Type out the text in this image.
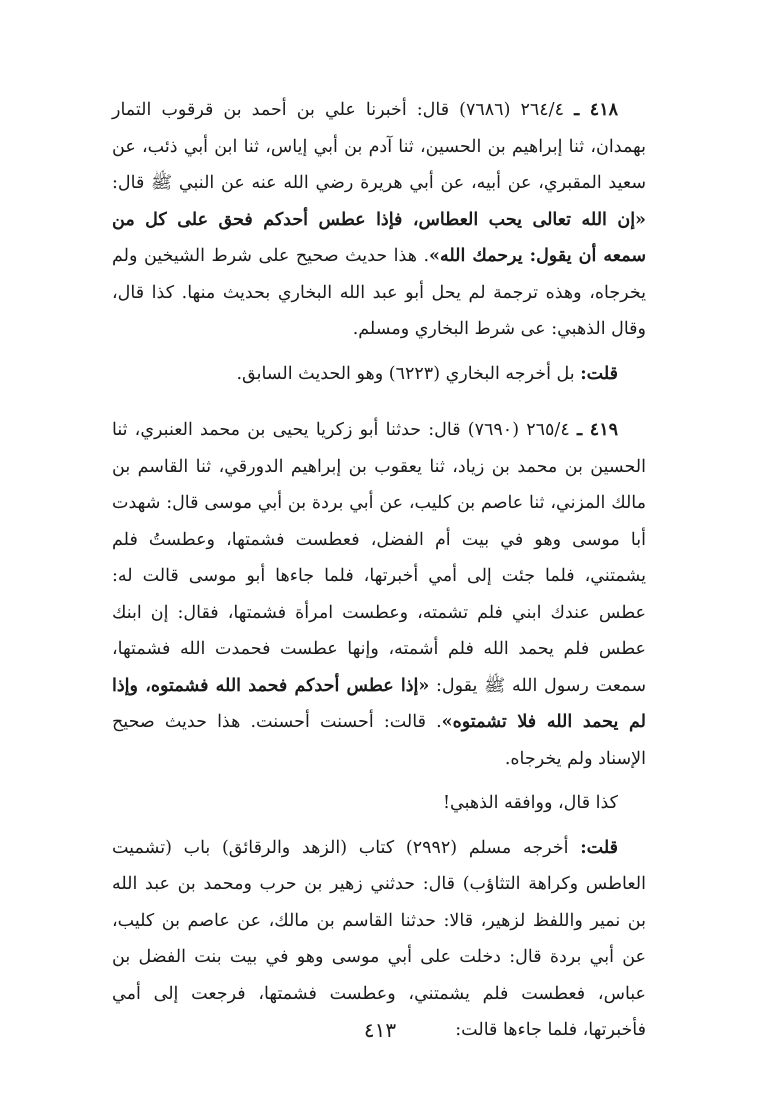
٤١٨ ـ ٢٦٤/٤ (٧٦٨٦) قال: أخبرنا علي بن أحمد بن قرقوب التمار بهمدان، ثنا إبراهيم بن الحسين، ثنا آدم بن أبي إياس، ثنا ابن أبي ذئب، عن سعيد المقبري، عن أبيه، عن أبي هريرة رضي الله عنه عن النبي ﷺ قال: «إن الله تعالى يحب العطاس، فإذا عطس أحدكم فحق على كل من سمعه أن يقول: يرحمك الله». هذا حديث صحيح على شرط الشيخين ولم يخرجاه، وهذه ترجمة لم يحل أبو عبد الله البخاري بحديث منها. كذا قال، وقال الذهبي: عى شرط البخاري ومسلم.

قلت: بل أخرجه البخاري (٦٢٢٣) وهو الحديث السابق.

٤١٩ ـ ٢٦٥/٤ (٧٦٩٠) قال: حدثنا أبو زكريا يحيى بن محمد العنبري، ثنا الحسين بن محمد بن زياد، ثنا يعقوب بن إبراهيم الدورقي، ثنا القاسم بن مالك المزني، ثنا عاصم بن كليب، عن أبي بردة بن أبي موسى قال: شهدت أبا موسى وهو في بيت أم الفضل، فعطست فشمتها، وعطستُ فلم يشمتني، فلما جئت إلى أمي أخبرتها، فلما جاءها أبو موسى قالت له: عطس عندك ابني فلم تشمته، وعطست امرأة فشمتها، فقال: إن ابنك عطس فلم يحمد الله فلم أشمته، وإنها عطست فحمدت الله فشمتها، سمعت رسول الله ﷺ يقول: «إذا عطس أحدكم فحمد الله فشمتوه، وإذا لم يحمد الله فلا تشمتوه». قالت: أحسنت أحسنت. هذا حديث صحيح الإسناد ولم يخرجاه.

كذا قال، ووافقه الذهبي!

قلت: أخرجه مسلم (٢٩٩٢) كتاب (الزهد والرقائق) باب (تشميت العاطس وكراهة التثاؤب) قال: حدثني زهير بن حرب ومحمد بن عبد الله بن نمير واللفظ لزهير، قالا: حدثنا القاسم بن مالك، عن عاصم بن كليب، عن أبي بردة قال: دخلت على أبي موسى وهو في بيت بنت الفضل بن عباس، فعطست فلم يشمتني، وعطست فشمتها، فرجعت إلى أمي فأخبرتها، فلما جاءها قالت:

٤١٣
